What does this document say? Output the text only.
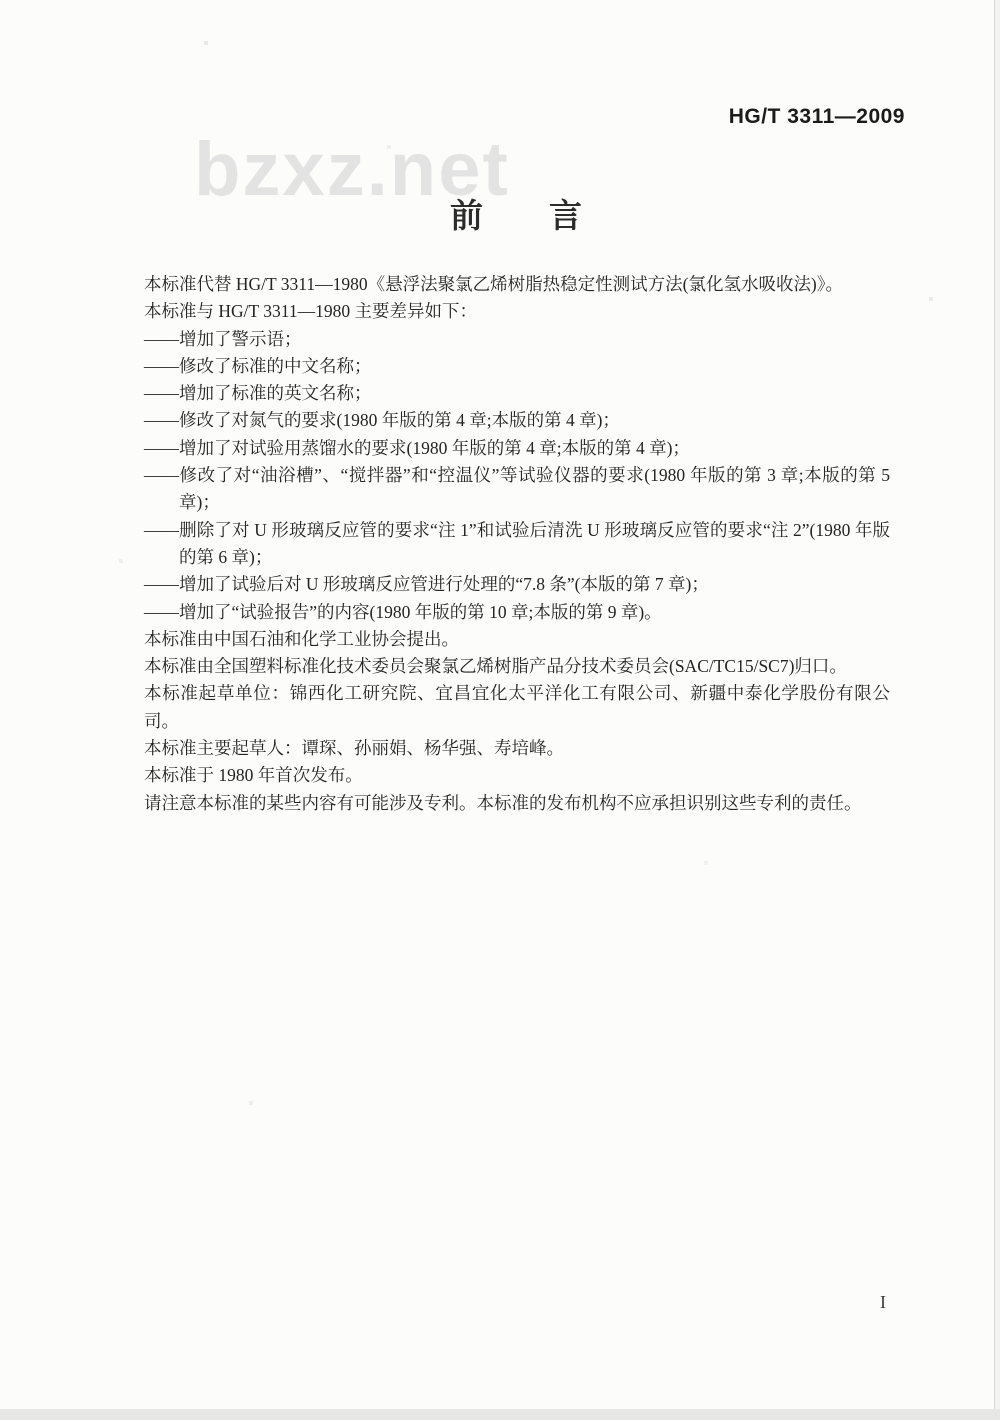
bzxz.net
HG/T 3311—2009
前　　言

本标准代替 HG/T 3311—1980《悬浮法聚氯乙烯树脂热稳定性测试方法(氯化氢水吸收法)》。

本标准与 HG/T 3311—1980 主要差异如下：

——增加了警示语；

——修改了标准的中文名称；

——增加了标准的英文名称；

——修改了对氮气的要求(1980 年版的第 4 章;本版的第 4 章)；

——增加了对试验用蒸馏水的要求(1980 年版的第 4 章;本版的第 4 章)；

——修改了对“油浴槽”、“搅拌器”和“控温仪”等试验仪器的要求(1980 年版的第 3 章;本版的第 5 章)；

——删除了对 U 形玻璃反应管的要求“注 1”和试验后清洗 U 形玻璃反应管的要求“注 2”(1980 年版的第 6 章)；

——增加了试验后对 U 形玻璃反应管进行处理的“7.8 条”(本版的第 7 章)；

——增加了“试验报告”的内容(1980 年版的第 10 章;本版的第 9 章)。

本标准由中国石油和化学工业协会提出。

本标准由全国塑料标准化技术委员会聚氯乙烯树脂产品分技术委员会(SAC/TC15/SC7)归口。

本标准起草单位：锦西化工研究院、宜昌宜化太平洋化工有限公司、新疆中泰化学股份有限公司。

本标准主要起草人：谭琛、孙丽娟、杨华强、寿培峰。

本标准于 1980 年首次发布。

请注意本标准的某些内容有可能涉及专利。本标准的发布机构不应承担识别这些专利的责任。

I
